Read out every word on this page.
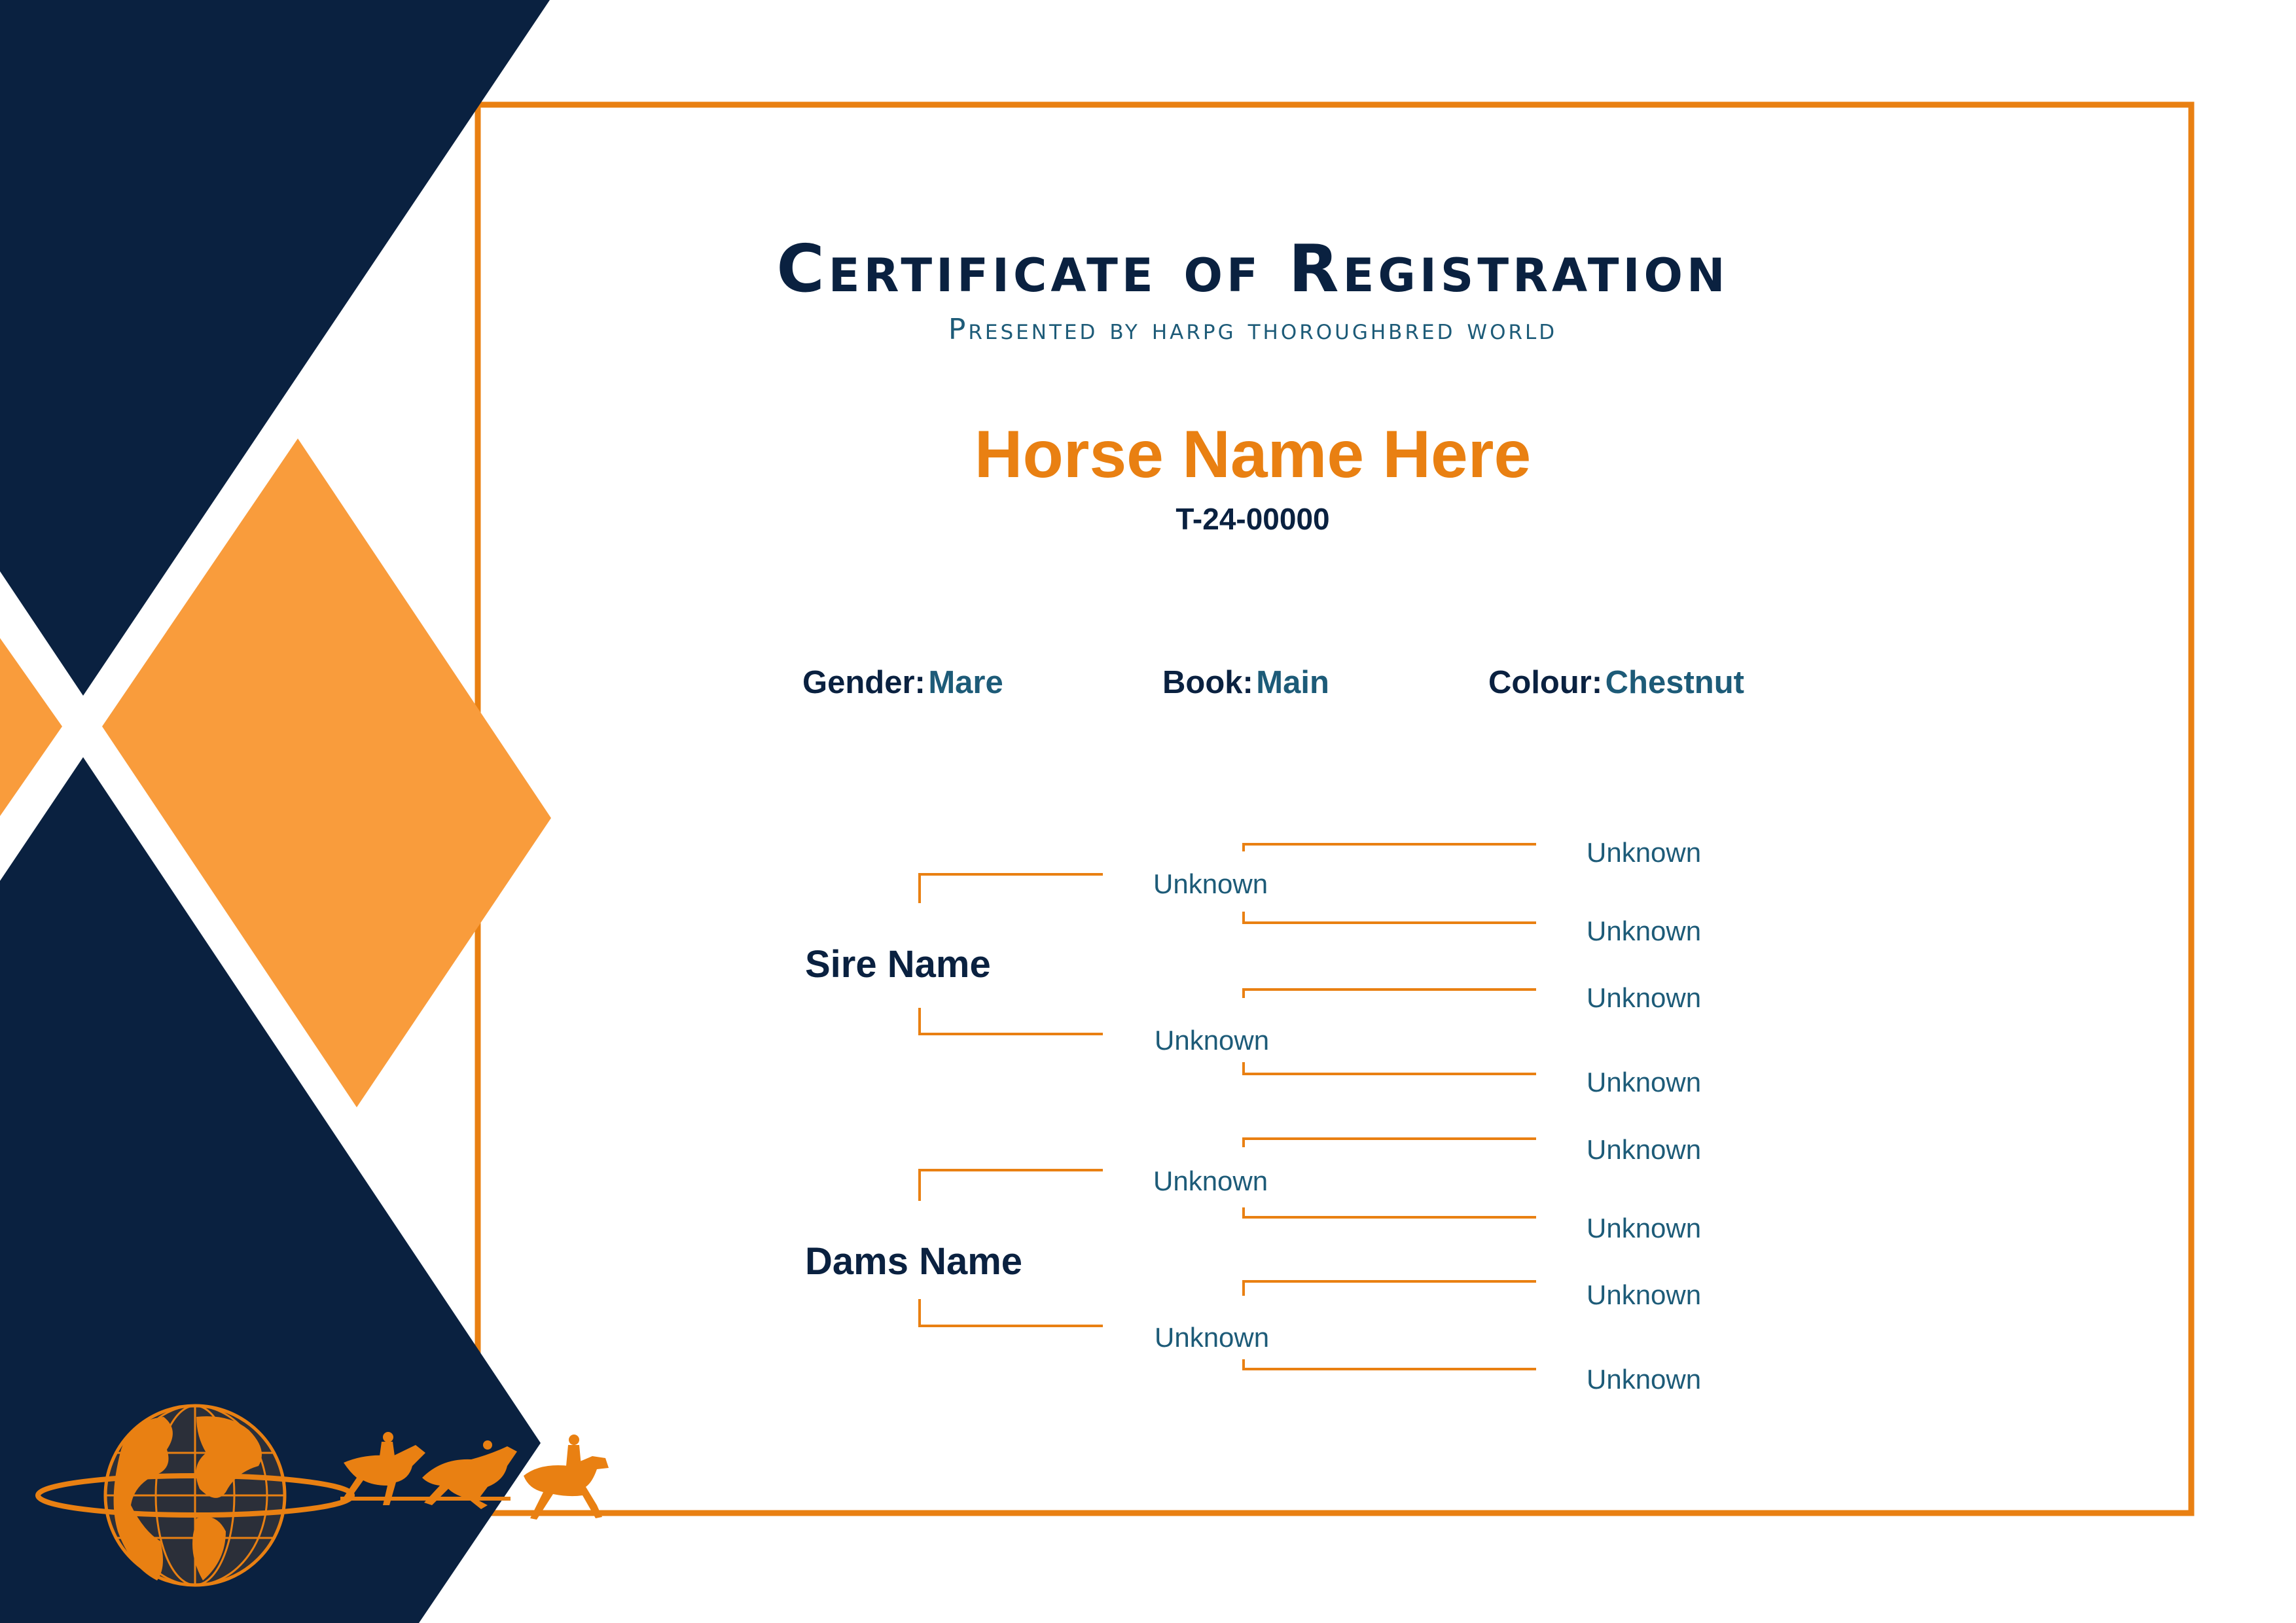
Certificate of Registration
Presented by harpg thoroughbred world
Horse Name Here
T-24-00000
Gender: Mare	Book: Main	Colour: Chestnut
Sire Name
Dams Name
Unknown
Unknown
Unknown
Unknown
Unknown
Unknown
Unknown
Unknown
Unknown
Unknown
Unknown
Unknown
